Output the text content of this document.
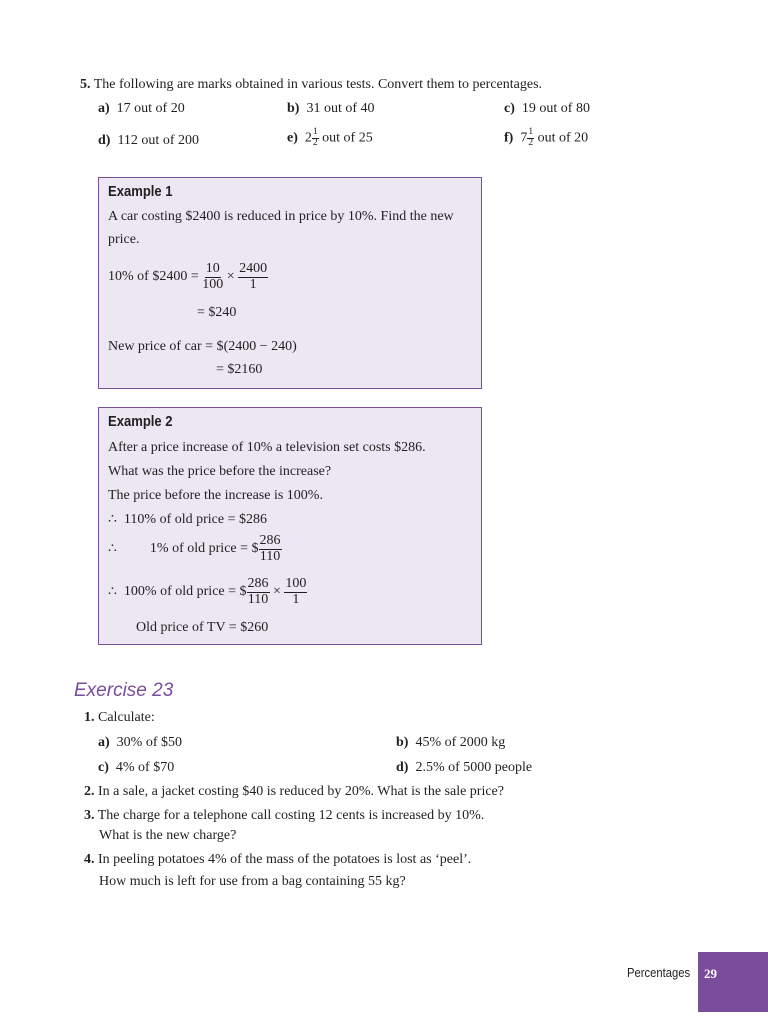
5. The following are marks obtained in various tests. Convert them to percentages.
a) 17 out of 20	b) 31 out of 40	c) 19 out of 80
d) 112 out of 200	e) $2 \frac{1}{2}$ out of 25	f) $7 \frac{1}{2}$ out of 20
Example 1
A car costing $2400 is reduced in price by 10%. Find the new
price.
10% of $2400 = $\frac{10}{100} \times \frac{2400}{1}$
= $240
New price of car = $(2400 − 240)
= $2160
Example 2
After a price increase of 10% a television set costs $286.
What was the price before the increase?
The price before the increase is 100%.
∴ 110% of old price = $286
∴ 1% of old price = $ $\frac{286}{110}$
∴ 100% of old price = $ $\frac{286}{110} \times \frac{100}{1}$
Old price of TV = $260
Exercise 23
1. Calculate:
a) 30% of $50	b) 45% of 2000 kg
c) 4% of $70	d) 2.5% of 5000 people
2. In a sale, a jacket costing $40 is reduced by 20%. What is the sale price?
3. The charge for a telephone call costing 12 cents is increased by 10%.
What is the new charge?
4. In peeling potatoes 4% of the mass of the potatoes is lost as ‘peel’.
How much is left for use from a bag containing 55 kg?
Percentages 29
